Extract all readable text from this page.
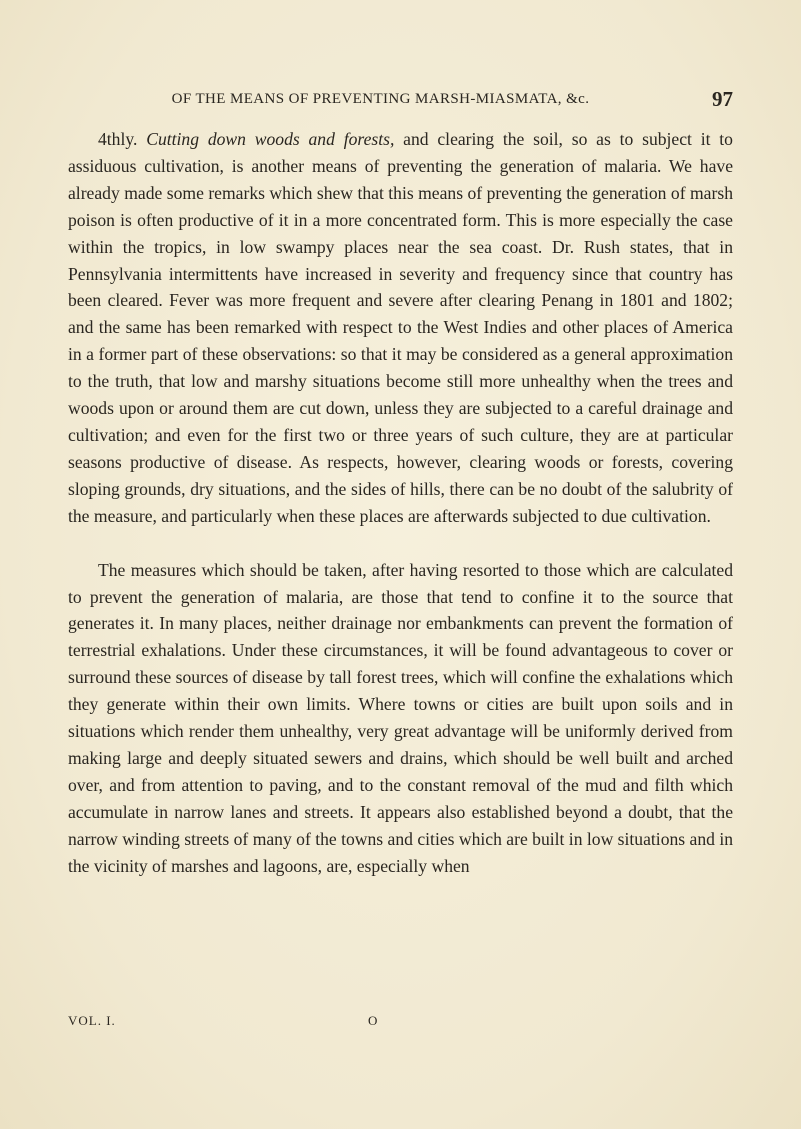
OF THE MEANS OF PREVENTING MARSH-MIASMATA, &c.	97

4thly. Cutting down woods and forests, and clearing the soil, so as to subject it to assiduous cultivation, is another means of preventing the generation of malaria. We have already made some remarks which shew that this means of preventing the generation of marsh poison is often productive of it in a more concentrated form. This is more especially the case within the tropics, in low swampy places near the sea coast. Dr. Rush states, that in Pennsylvania intermittents have increased in severity and frequency since that country has been cleared. Fever was more frequent and severe after clearing Penang in 1801 and 1802; and the same has been remarked with respect to the West Indies and other places of America in a former part of these observations: so that it may be considered as a general approximation to the truth, that low and marshy situations become still more unhealthy when the trees and woods upon or around them are cut down, unless they are subjected to a careful drainage and cultivation; and even for the first two or three years of such culture, they are at particular seasons productive of disease. As respects, however, clearing woods or forests, covering sloping grounds, dry situations, and the sides of hills, there can be no doubt of the salubrity of the measure, and particularly when these places are afterwards subjected to due cultivation.

The measures which should be taken, after having resorted to those which are calculated to prevent the generation of malaria, are those that tend to confine it to the source that generates it. In many places, neither drainage nor embankments can prevent the formation of terrestrial exhalations. Under these circumstances, it will be found advantageous to cover or surround these sources of disease by tall forest trees, which will confine the exhalations which they generate within their own limits. Where towns or cities are built upon soils and in situations which render them unhealthy, very great advantage will be uniformly derived from making large and deeply situated sewers and drains, which should be well built and arched over, and from attention to paving, and to the constant removal of the mud and filth which accumulate in narrow lanes and streets. It appears also established beyond a doubt, that the narrow winding streets of many of the towns and cities which are built in low situations and in the vicinity of marshes and lagoons, are, especially when

VOL. I.	O
